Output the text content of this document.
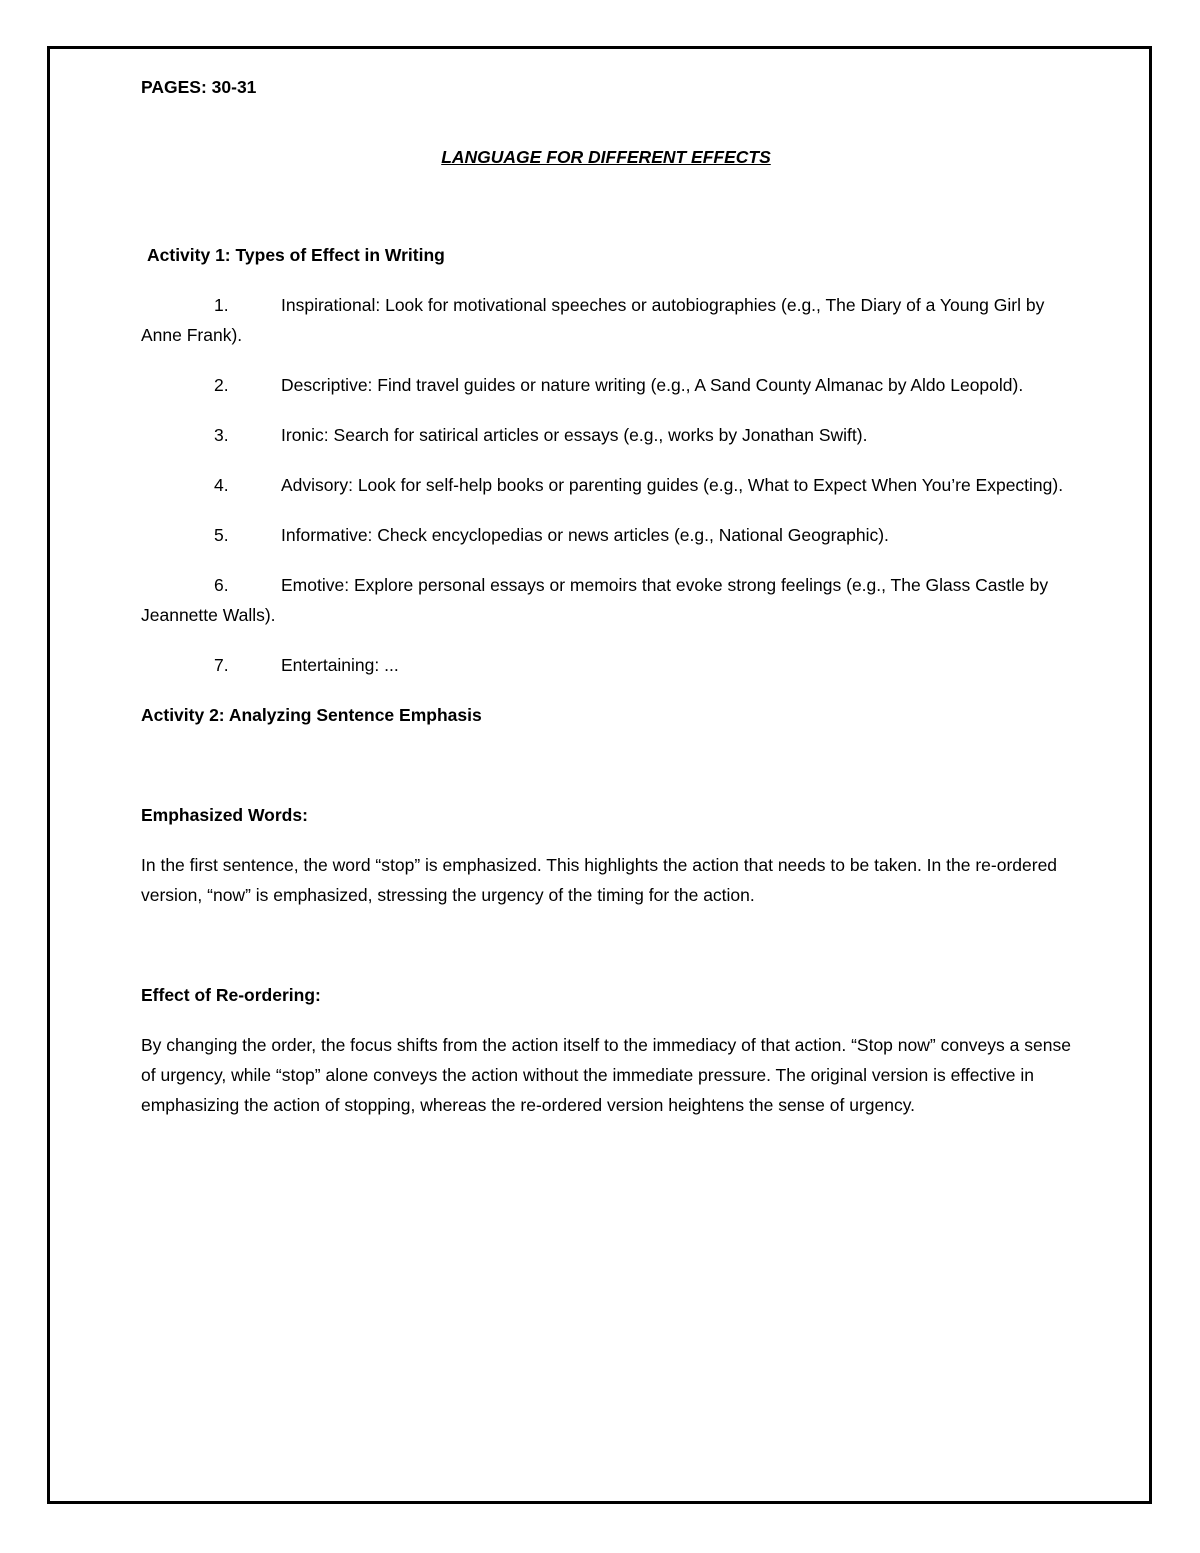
PAGES: 30-31

LANGUAGE FOR DIFFERENT EFFECTS

Activity 1: Types of Effect in Writing

1.	Inspirational: Look for motivational speeches or autobiographies (e.g., The Diary of a Young Girl by Anne Frank).
2.	Descriptive: Find travel guides or nature writing (e.g., A Sand County Almanac by Aldo Leopold).
3.	Ironic: Search for satirical articles or essays (e.g., works by Jonathan Swift).
4.	Advisory: Look for self-help books or parenting guides (e.g., What to Expect When You’re Expecting).
5.	Informative: Check encyclopedias or news articles (e.g., National Geographic).
6.	Emotive: Explore personal essays or memoirs that evoke strong feelings (e.g., The Glass Castle by Jeannette Walls).
7.	Entertaining: ...

Activity 2: Analyzing Sentence Emphasis

Emphasized Words:

In the first sentence, the word “stop” is emphasized. This highlights the action that needs to be taken. In the re-ordered version, “now” is emphasized, stressing the urgency of the timing for the action.

Effect of Re-ordering:

By changing the order, the focus shifts from the action itself to the immediacy of that action. “Stop now” conveys a sense of urgency, while “stop” alone conveys the action without the immediate pressure. The original version is effective in emphasizing the action of stopping, whereas the re-ordered version heightens the sense of urgency.
